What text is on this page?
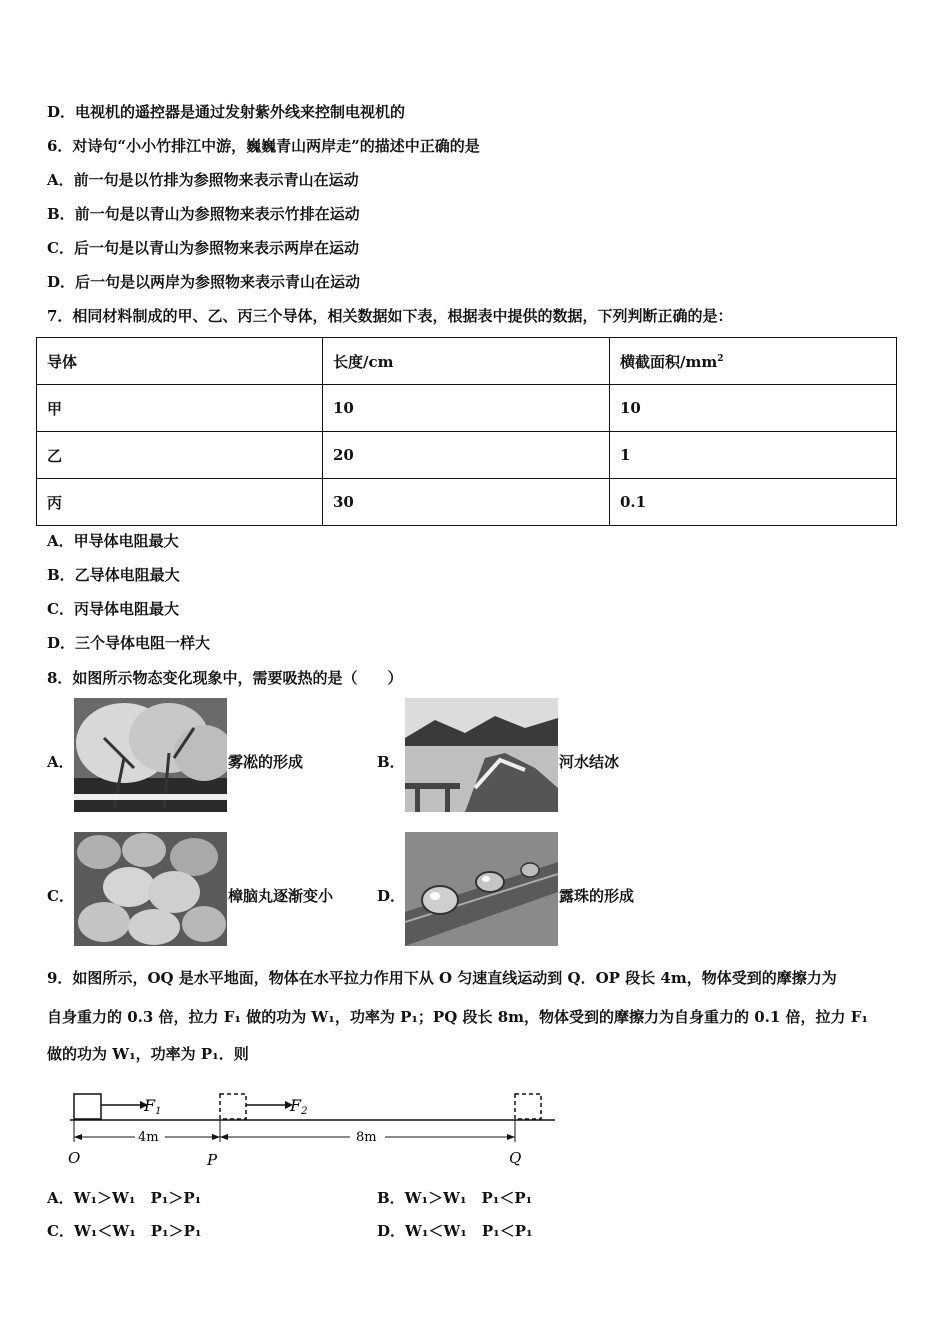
D．电视机的遥控器是通过发射紫外线来控制电视机的
6．对诗句“小小竹排江中游，巍巍青山两岸走”的描述中正确的是
A．前一句是以竹排为参照物来表示青山在运动
B．前一句是以青山为参照物来表示竹排在运动
C．后一句是以青山为参照物来表示两岸在运动
D．后一句是以两岸为参照物来表示青山在运动
7．相同材料制成的甲、乙、丙三个导体，相关数据如下表，根据表中提供的数据，下列判断正确的是：
导体	长度/cm	横截面积$/mm^2$
甲	10	10
乙	20	1
丙	30	0.1
A．甲导体电阻最大
B．乙导体电阻最大
C．丙导体电阻最大
D．三个导体电阻一样大
8．如图所示物态变化现象中，需要吸热的是（　　）
A．	雾凇的形成	B．	河水结冰
C．	樟脑丸逐渐变小	D．	露珠的形成
9．如图所示，OQ 是水平地面，物体在水平拉力作用下从 O 匀速直线运动到 Q．OP 段长 4m，物体受到的摩擦力为
自身重力的 0.3 倍，拉力 F₁ 做的功为 W₁，功率为 P₁；PQ 段长 8m，物体受到的摩擦力为自身重力的 0.1 倍，拉力 F₁
做的功为 W₁，功率为 P₁．则
F1	F2
4m	8m
O	P	Q
A．W₁＞W₁　P₁＞P₁	B．W₁＞W₁　P₁＜P₁
C．W₁＜W₁　P₁＞P₁	D．W₁＜W₁　P₁＜P₁
